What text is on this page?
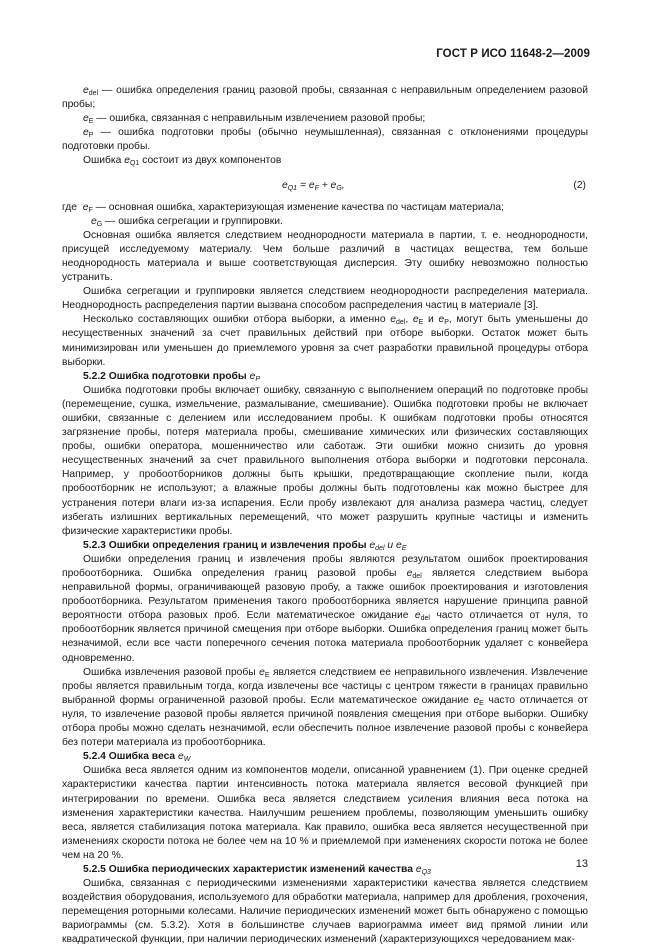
ГОСТ Р ИСО 11648-2—2009

$e_{del}$ — ошибка определения границ разовой пробы, связанная с неправильным определением разовой пробы;

$e_E$ — ошибка, связанная с неправильным извлечением разовой пробы;

$e_P$ — ошибка подготовки пробы (обычно неумышленная), связанная с отклонениями процедуры подготовки пробы.

Ошибка $e_{Q1}$ состоит из двух компонентов

$e_{Q1} = e_F + e_G$,	(2)

где  $e_F$ — основная ошибка, характеризующая изменение качества по частицам материала;

$e_G$ — ошибка сегрегации и группировки.

Основная ошибка является следствием неоднородности материала в партии, т. е. неоднородности, присущей исследуемому материалу. Чем больше различий в частицах вещества, тем больше неоднородность материала и выше соответствующая дисперсия. Эту ошибку невозможно полностью устранить.

Ошибка сегрегации и группировки является следствием неоднородности распределения материала. Неоднородность распределения партии вызвана способом распределения частиц в материале [3].

Несколько составляющих ошибки отбора выборки, а именно $e_{del}$, $e_E$ и $e_P$, могут быть уменьшены до несущественных значений за счет правильных действий при отборе выборки. Остаток может быть минимизирован или уменьшен до приемлемого уровня за счет разработки правильной процедуры отбора выборки.

5.2.2 Ошибка подготовки пробы $e_P$

Ошибка подготовки пробы включает ошибку, связанную с выполнением операций по подготовке пробы (перемещение, сушка, измельчение, размалывание, смешивание). Ошибка подготовки пробы не включает ошибки, связанные с делением или исследованием пробы. К ошибкам подготовки пробы относятся загрязнение пробы, потеря материала пробы, смешивание химических или физических составляющих пробы, ошибки оператора, мошенничество или саботаж. Эти ошибки можно снизить до уровня несущественных значений за счет правильного выполнения отбора выборки и подготовки персонала. Например, у пробоотборников должны быть крышки, предотвращающие скопление пыли, когда пробоотборник не используют; а влажные пробы должны быть подготовлены как можно быстрее для устранения потери влаги из-за испарения. Если пробу извлекают для анализа размера частиц, следует избегать излишних вертикальных перемещений, что может разрушить крупные частицы и изменить физические характеристики пробы.

5.2.3 Ошибки определения границ и извлечения пробы $e_{del}$ и $e_E$

Ошибки определения границ и извлечения пробы являются результатом ошибок проектирования пробоотборника. Ошибка определения границ разовой пробы $e_{del}$ является следствием выбора неправильной формы, ограничивающей разовую пробу, а также ошибок проектирования и изготовления пробоотборника. Результатом применения такого пробоотборника является нарушение принципа равной вероятности отбора разовых проб. Если математическое ожидание $e_{del}$ часто отличается от нуля, то пробоотборник является причиной смещения при отборе выборки. Ошибка определения границ может быть незначимой, если все части поперечного сечения потока материала пробоотборник удаляет с конвейера одновременно.

Ошибка извлечения разовой пробы $e_E$ является следствием ее неправильного извлечения. Извлечение пробы является правильным тогда, когда извлечены все частицы с центром тяжести в границах правильно выбранной формы ограниченной разовой пробы. Если математическое ожидание $e_E$ часто отличается от нуля, то извлечение разовой пробы является причиной появления смещения при отборе выборки. Ошибку отбора пробы можно сделать незначимой, если обеспечить полное извлечение разовой пробы с конвейера без потери материала из пробоотборника.

5.2.4 Ошибка веса $e_W$

Ошибка веса является одним из компонентов модели, описанной уравнением (1). При оценке средней характеристики качества партии интенсивность потока материала является весовой функцией при интегрировании по времени. Ошибка веса является следствием усиления влияния веса потока на изменения характеристики качества. Наилучшим решением проблемы, позволяющим уменьшить ошибку веса, является стабилизация потока материала. Как правило, ошибка веса является несущественной при изменениях скорости потока не более чем на 10 % и приемлемой при изменениях скорости потока не более чем на 20 %.

5.2.5 Ошибка периодических характеристик изменений качества $e_{Q3}$

Ошибка, связанная с периодическими изменениями характеристики качества является следствием воздействия оборудования, используемого для обработки материала, например для дробления, грохочения, перемещения роторными колесами. Наличие периодических изменений может быть обнаружено с помощью вариограммы (см. 5.3.2). Хотя в большинстве случаев вариограмма имеет вид прямой линии или квадратической функции, при наличии периодических изменений (характеризующихся чередованием мак-

13
